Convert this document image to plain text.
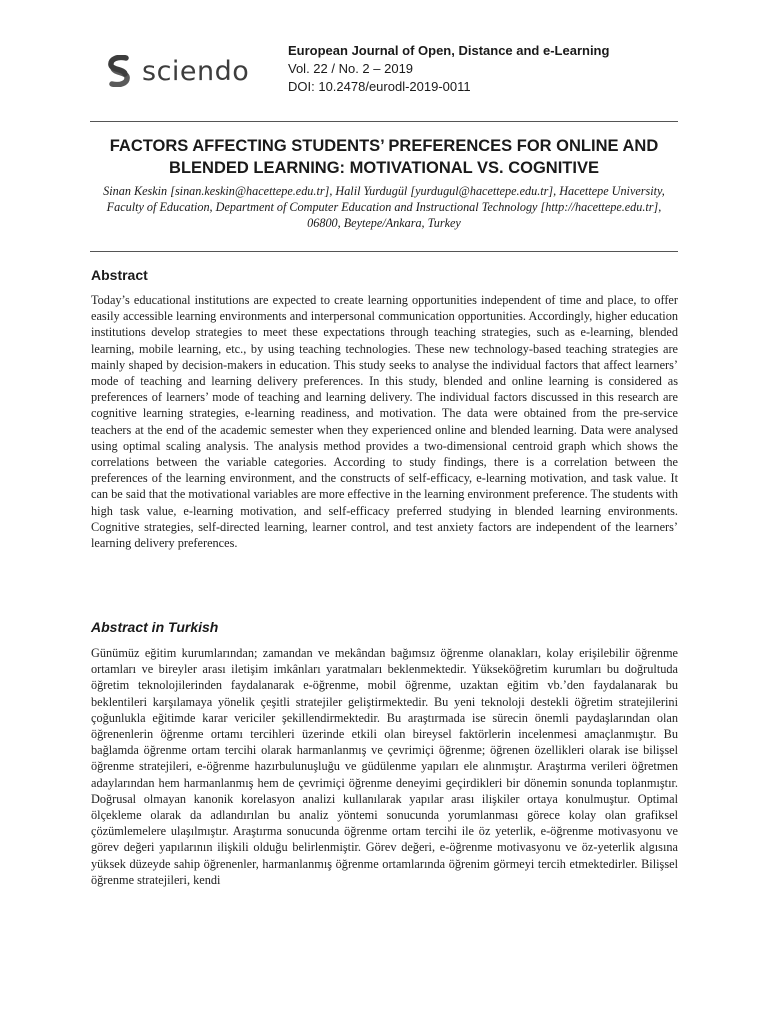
sciendo
European Journal of Open, Distance and e-Learning
Vol. 22 / No. 2 – 2019
DOI: 10.2478/eurodl-2019-0011
FACTORS AFFECTING STUDENTS’ PREFERENCES FOR ONLINE AND BLENDED LEARNING: MOTIVATIONAL VS. COGNITIVE
Sinan Keskin [sinan.keskin@hacettepe.edu.tr], Halil Yurdugül [yurdugul@hacettepe.edu.tr], Hacettepe University, Faculty of Education, Department of Computer Education and Instructional Technology [http://hacettepe.edu.tr], 06800, Beytepe/Ankara, Turkey
Abstract
Today’s educational institutions are expected to create learning opportunities independent of time and place, to offer easily accessible learning environments and interpersonal communication opportunities. Accordingly, higher education institutions develop strategies to meet these expectations through teaching strategies, such as e-learning, blended learning, mobile learning, etc., by using teaching technologies. These new technology-based teaching strategies are mainly shaped by decision-makers in education. This study seeks to analyse the individual factors that affect learners’ mode of teaching and learning delivery preferences. In this study, blended and online learning is considered as preferences of learners’ mode of teaching and learning delivery. The individual factors discussed in this research are cognitive learning strategies, e-learning readiness, and motivation. The data were obtained from the pre-service teachers at the end of the academic semester when they experienced online and blended learning. Data were analysed using optimal scaling analysis. The analysis method provides a two-dimensional centroid graph which shows the correlations between the variable categories. According to study findings, there is a correlation between the preferences of the learning environment, and the constructs of self-efficacy, e-learning motivation, and task value. It can be said that the motivational variables are more effective in the learning environment preference. The students with high task value, e-learning motivation, and self-efficacy preferred studying in blended learning environments. Cognitive strategies, self-directed learning, learner control, and test anxiety factors are independent of the learners’ learning delivery preferences.
Abstract in Turkish
Günümüz eğitim kurumlarından; zamandan ve mekândan bağımsız öğrenme olanakları, kolay erişilebilir öğrenme ortamları ve bireyler arası iletişim imkânları yaratmaları beklenmektedir. Yükseköğretim kurumları bu doğrultuda öğretim teknolojilerinden faydalanarak e-öğrenme, mobil öğrenme, uzaktan eğitim vb.’den faydalanarak bu beklentileri karşılamaya yönelik çeşitli stratejiler geliştirmektedir. Bu yeni teknoloji destekli öğretim stratejilerini çoğunlukla eğitimde karar vericiler şekillendirmektedir. Bu araştırmada ise sürecin önemli paydaşlarından olan öğrenenlerin öğrenme ortamı tercihleri üzerinde etkili olan bireysel faktörlerin incelenmesi amaçlanmıştır. Bu bağlamda öğrenme ortam tercihi olarak harmanlanmış ve çevrimiçi öğrenme; öğrenen özellikleri olarak ise bilişsel öğrenme stratejileri, e-öğrenme hazırbulunuşluğu ve güdülenme yapıları ele alınmıştır. Araştırma verileri öğretmen adaylarından hem harmanlanmış hem de çevrimiçi öğrenme deneyimi geçirdikleri bir dönemin sonunda toplanmıştır. Doğrusal olmayan kanonik korelasyon analizi kullanılarak yapılar arası ilişkiler ortaya konulmuştur. Optimal ölçekleme olarak da adlandırılan bu analiz yöntemi sonucunda yorumlanması görece kolay olan grafiksel çözümlemelere ulaşılmıştır. Araştırma sonucunda öğrenme ortam tercihi ile öz yeterlik, e-öğrenme motivasyonu ve görev değeri yapılarının ilişkili olduğu belirlenmiştir. Görev değeri, e-öğrenme motivasyonu ve öz-yeterlik algısına yüksek düzeyde sahip öğrenenler, harmanlanmış öğrenme ortamlarında öğrenim görmeyi tercih etmektedirler. Bilişsel öğrenme stratejileri, kendi
